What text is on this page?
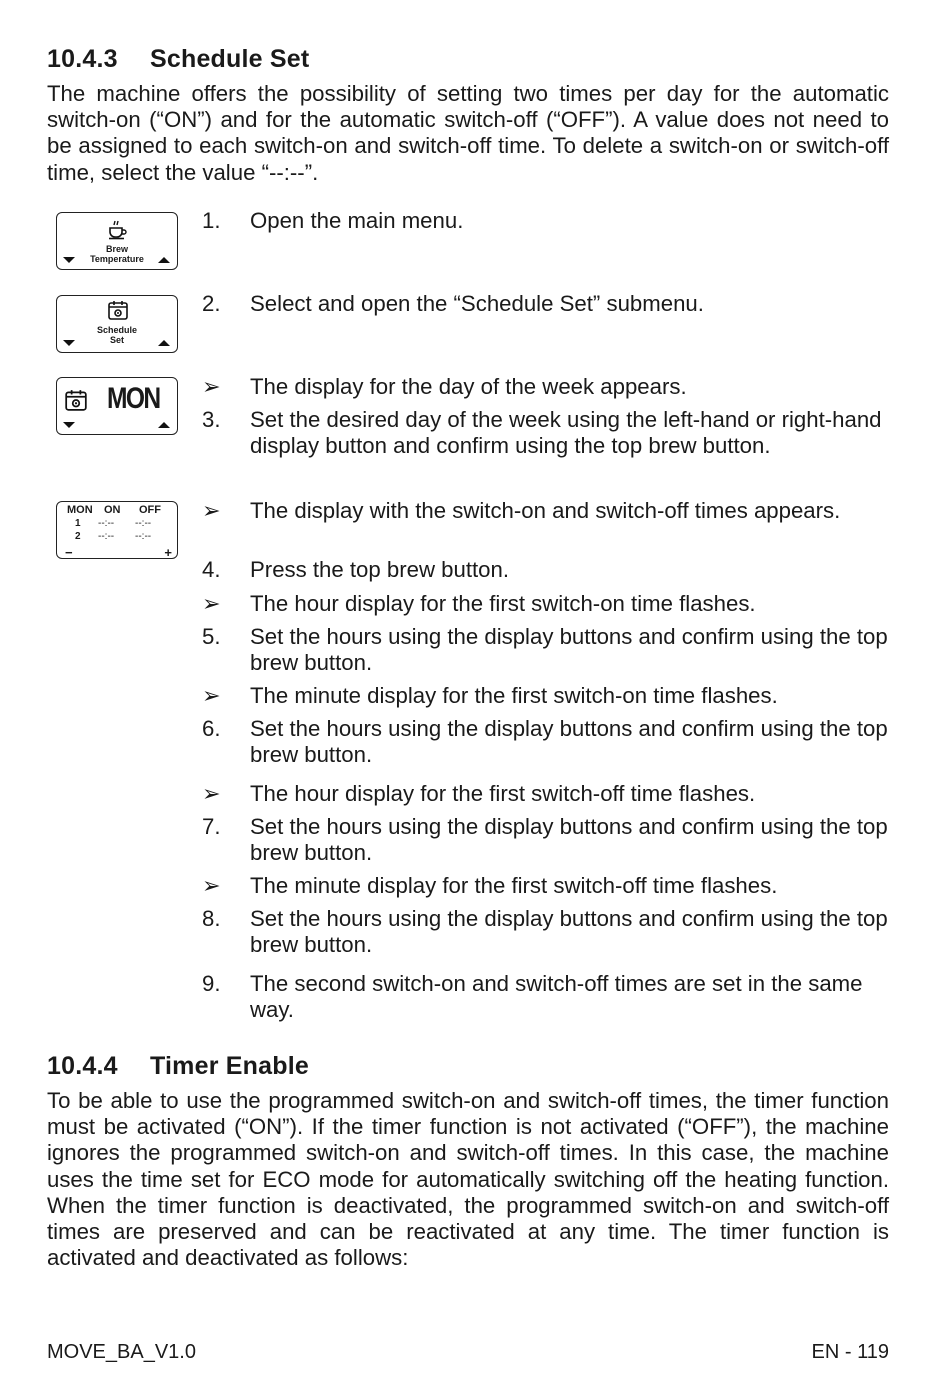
10.4.3 Schedule Set

The machine offers the possibility of setting two times per day for the automatic switch-on (“ON”) and for the automatic switch-off (“OFF”). A value does not need to be assigned to each switch-on and switch-off time. To delete a switch-on or switch-off time, select the value “--:--”.

Brew
Temperature
Schedule
Set
MON
MON ON OFF
1 --:-- --:--
2 --:-- --:--
−	+
1.	Open the main menu.
2.	Select and open the “Schedule Set” submenu.
➢	The display for the day of the week appears.
3.	Set the desired day of the week using the left-hand or right-hand display button and confirm using the top brew button.
➢	The display with the switch-on and switch-off times appears.
4.	Press the top brew button.
➢	The hour display for the first switch-on time flashes.
5.	Set the hours using the display buttons and confirm using the top brew button.
➢	The minute display for the first switch-on time flashes.
6.	Set the hours using the display buttons and confirm using the top brew button.
➢	The hour display for the first switch-off time flashes.
7.	Set the hours using the display buttons and confirm using the top brew button.
➢	The minute display for the first switch-off time flashes.
8.	Set the hours using the display buttons and confirm using the top brew button.
9.	The second switch-on and switch-off times are set in the same way.
10.4.4 Timer Enable

To be able to use the programmed switch-on and switch-off times, the timer function must be activated (“ON”). If the timer function is not activated (“OFF”), the machine ignores the programmed switch-on and switch-off times. In this case, the machine uses the time set for ECO mode for automatically switching off the heating function. When the timer function is deactivated, the programmed switch-on and switch-off times are preserved and can be reactivated at any time. The timer function is activated and deactivated as follows:

MOVE_BA_V1.0	EN - 119
